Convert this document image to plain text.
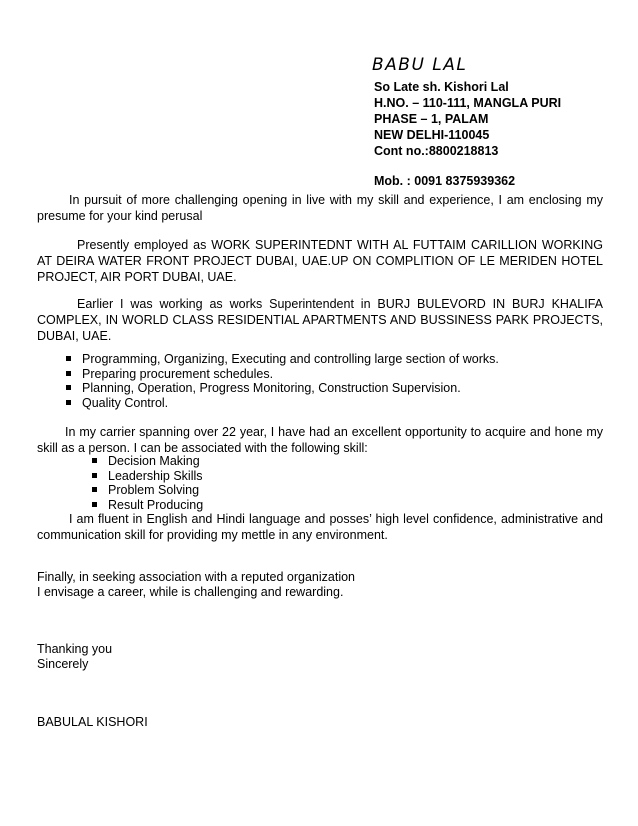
BABU LAL
So Late sh. Kishori Lal
H.NO. – 110-111, MANGLA PURI
PHASE – 1, PALAM
NEW DELHI-110045
Cont no.:8800218813
Mob. : 0091 8375939362

In pursuit of more challenging opening in live with my skill and experience, I am enclosing my presume for your kind perusal

Presently employed as WORK SUPERINTEDNT WITH AL FUTTAIM CARILLION WORKING AT DEIRA WATER FRONT PROJECT DUBAI, UAE.UP ON COMPLITION OF LE MERIDEN HOTEL PROJECT, AIR PORT DUBAI, UAE.

Earlier I was working as works Superintendent in BURJ BULEVORD IN BURJ KHALIFA COMPLEX, IN WORLD CLASS RESIDENTIAL APARTMENTS AND BUSSINESS PARK PROJECTS, DUBAI, UAE.

Programming, Organizing, Executing and controlling large section of works.
Preparing procurement schedules.
Planning, Operation, Progress Monitoring, Construction Supervision.
Quality Control.

In my carrier spanning over 22 year, I have had an excellent opportunity to acquire and hone my skill as a person. I can be associated with the following skill:

Decision Making
Leadership Skills
Problem Solving
Result Producing

I am fluent in English and Hindi language and posses’ high level confidence, administrative and communication skill for providing my mettle in any environment.

Finally, in seeking association with a reputed organization

I envisage a career, while is challenging and rewarding.

Thanking you

Sincerely

BABULAL KISHORI
